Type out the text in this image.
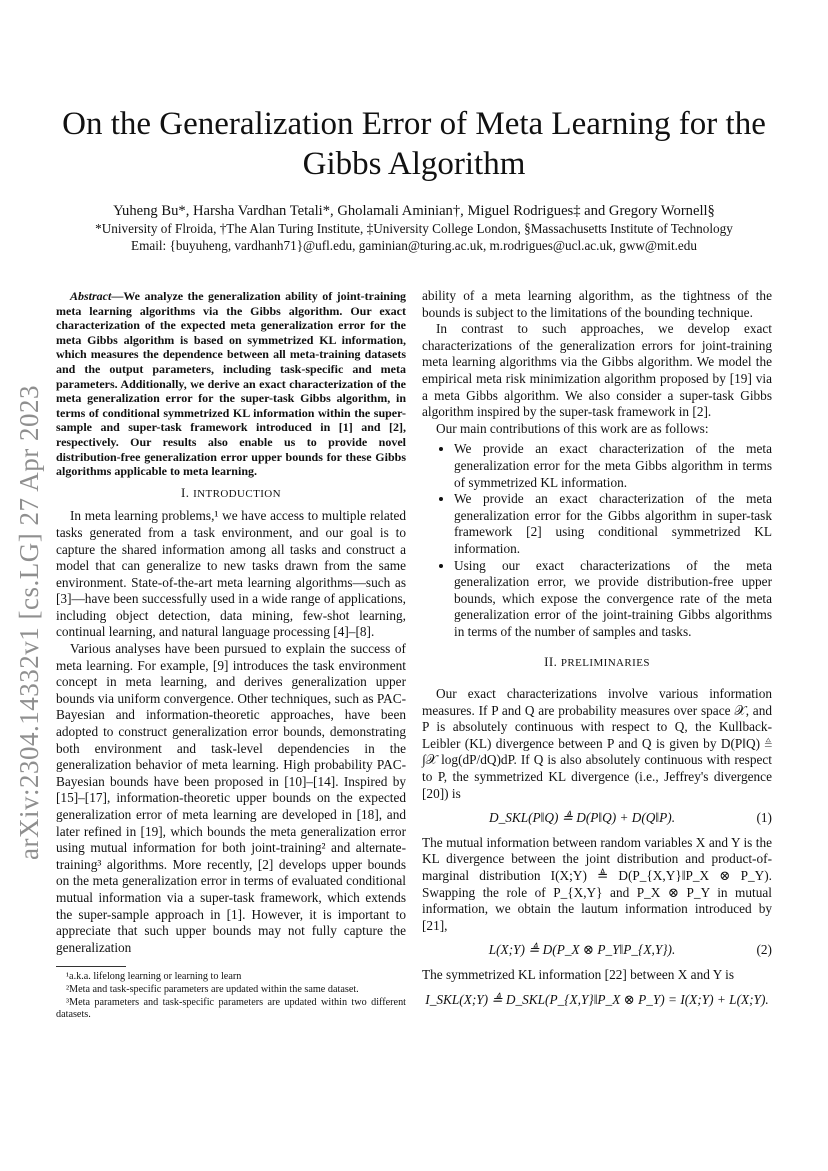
arXiv:2304.14332v1 [cs.LG] 27 Apr 2023
On the Generalization Error of Meta Learning for the Gibbs Algorithm
Yuheng Bu*, Harsha Vardhan Tetali*, Gholamali Aminian†, Miguel Rodrigues‡ and Gregory Wornell§
*University of Flroida, †The Alan Turing Institute, ‡University College London, §Massachusetts Institute of Technology
Email: {buyuheng, vardhanh71}@ufl.edu, gaminian@turing.ac.uk, m.rodrigues@ucl.ac.uk, gww@mit.edu

Abstract—We analyze the generalization ability of joint-training meta learning algorithms via the Gibbs algorithm. Our exact characterization of the expected meta generalization error for the meta Gibbs algorithm is based on symmetrized KL information, which measures the dependence between all meta-training datasets and the output parameters, including task-specific and meta parameters. Additionally, we derive an exact characterization of the meta generalization error for the super-task Gibbs algorithm, in terms of conditional symmetrized KL information within the super-sample and super-task framework introduced in [1] and [2], respectively. Our results also enable us to provide novel distribution-free generalization error upper bounds for these Gibbs algorithms applicable to meta learning.

I. INTRODUCTION

In meta learning problems,¹ we have access to multiple related tasks generated from a task environment, and our goal is to capture the shared information among all tasks and construct a model that can generalize to new tasks drawn from the same environment. State-of-the-art meta learning algorithms—such as [3]—have been successfully used in a wide range of applications, including object detection, data mining, few-shot learning, continual learning, and natural language processing [4]–[8].

Various analyses have been pursued to explain the success of meta learning. For example, [9] introduces the task environment concept in meta learning, and derives generalization upper bounds via uniform convergence. Other techniques, such as PAC-Bayesian and information-theoretic approaches, have been adopted to construct generalization error bounds, demonstrating both environment and task-level dependencies in the generalization behavior of meta learning. High probability PAC-Bayesian bounds have been proposed in [10]–[14]. Inspired by [15]–[17], information-theoretic upper bounds on the expected generalization error of meta learning are developed in [18], and later refined in [19], which bounds the meta generalization error using mutual information for both joint-training² and alternate-training³ algorithms. More recently, [2] develops upper bounds on the meta generalization error in terms of evaluated conditional mutual information via a super-task framework, which extends the super-sample approach in [1]. However, it is important to appreciate that such upper bounds may not fully capture the generalization

¹a.k.a. lifelong learning or learning to learn

²Meta and task-specific parameters are updated within the same dataset.

³Meta parameters and task-specific parameters are updated within two different datasets.

ability of a meta learning algorithm, as the tightness of the bounds is subject to the limitations of the bounding technique.

In contrast to such approaches, we develop exact characterizations of the generalization errors for joint-training meta learning algorithms via the Gibbs algorithm. We model the empirical meta risk minimization algorithm proposed by [19] via a meta Gibbs algorithm. We also consider a super-task Gibbs algorithm inspired by the super-task framework in [2].

Our main contributions of this work are as follows:

• We provide an exact characterization of the meta generalization error for the meta Gibbs algorithm in terms of symmetrized KL information.
• We provide an exact characterization of the meta generalization error for the Gibbs algorithm in super-task framework [2] using conditional symmetrized KL information.
• Using our exact characterizations of the meta generalization error, we provide distribution-free upper bounds, which expose the convergence rate of the meta generalization error of the joint-training Gibbs algorithms in terms of the number of samples and tasks.
II. PRELIMINARIES

Our exact characterizations involve various information measures. If P and Q are probability measures over space 𝒳, and P is absolutely continuous with respect to Q, the Kullback-Leibler (KL) divergence between P and Q is given by D(P‖Q) ≜ ∫𝒳 log(dP/dQ)dP. If Q is also absolutely continuous with respect to P, the symmetrized KL divergence (i.e., Jeffrey's divergence [20]) is

D_SKL(P‖Q) ≜ D(P‖Q) + D(Q‖P).	(1)

The mutual information between random variables X and Y is the KL divergence between the joint distribution and product-of-marginal distribution I(X;Y) ≜ D(P_{X,Y}‖P_X ⊗ P_Y). Swapping the role of P_{X,Y} and P_X ⊗ P_Y in mutual information, we obtain the lautum information introduced by [21],

L(X;Y) ≜ D(P_X ⊗ P_Y‖P_{X,Y}).	(2)

The symmetrized KL information [22] between X and Y is

I_SKL(X;Y) ≜ D_SKL(P_{X,Y}‖P_X ⊗ P_Y) = I(X;Y) + L(X;Y).
